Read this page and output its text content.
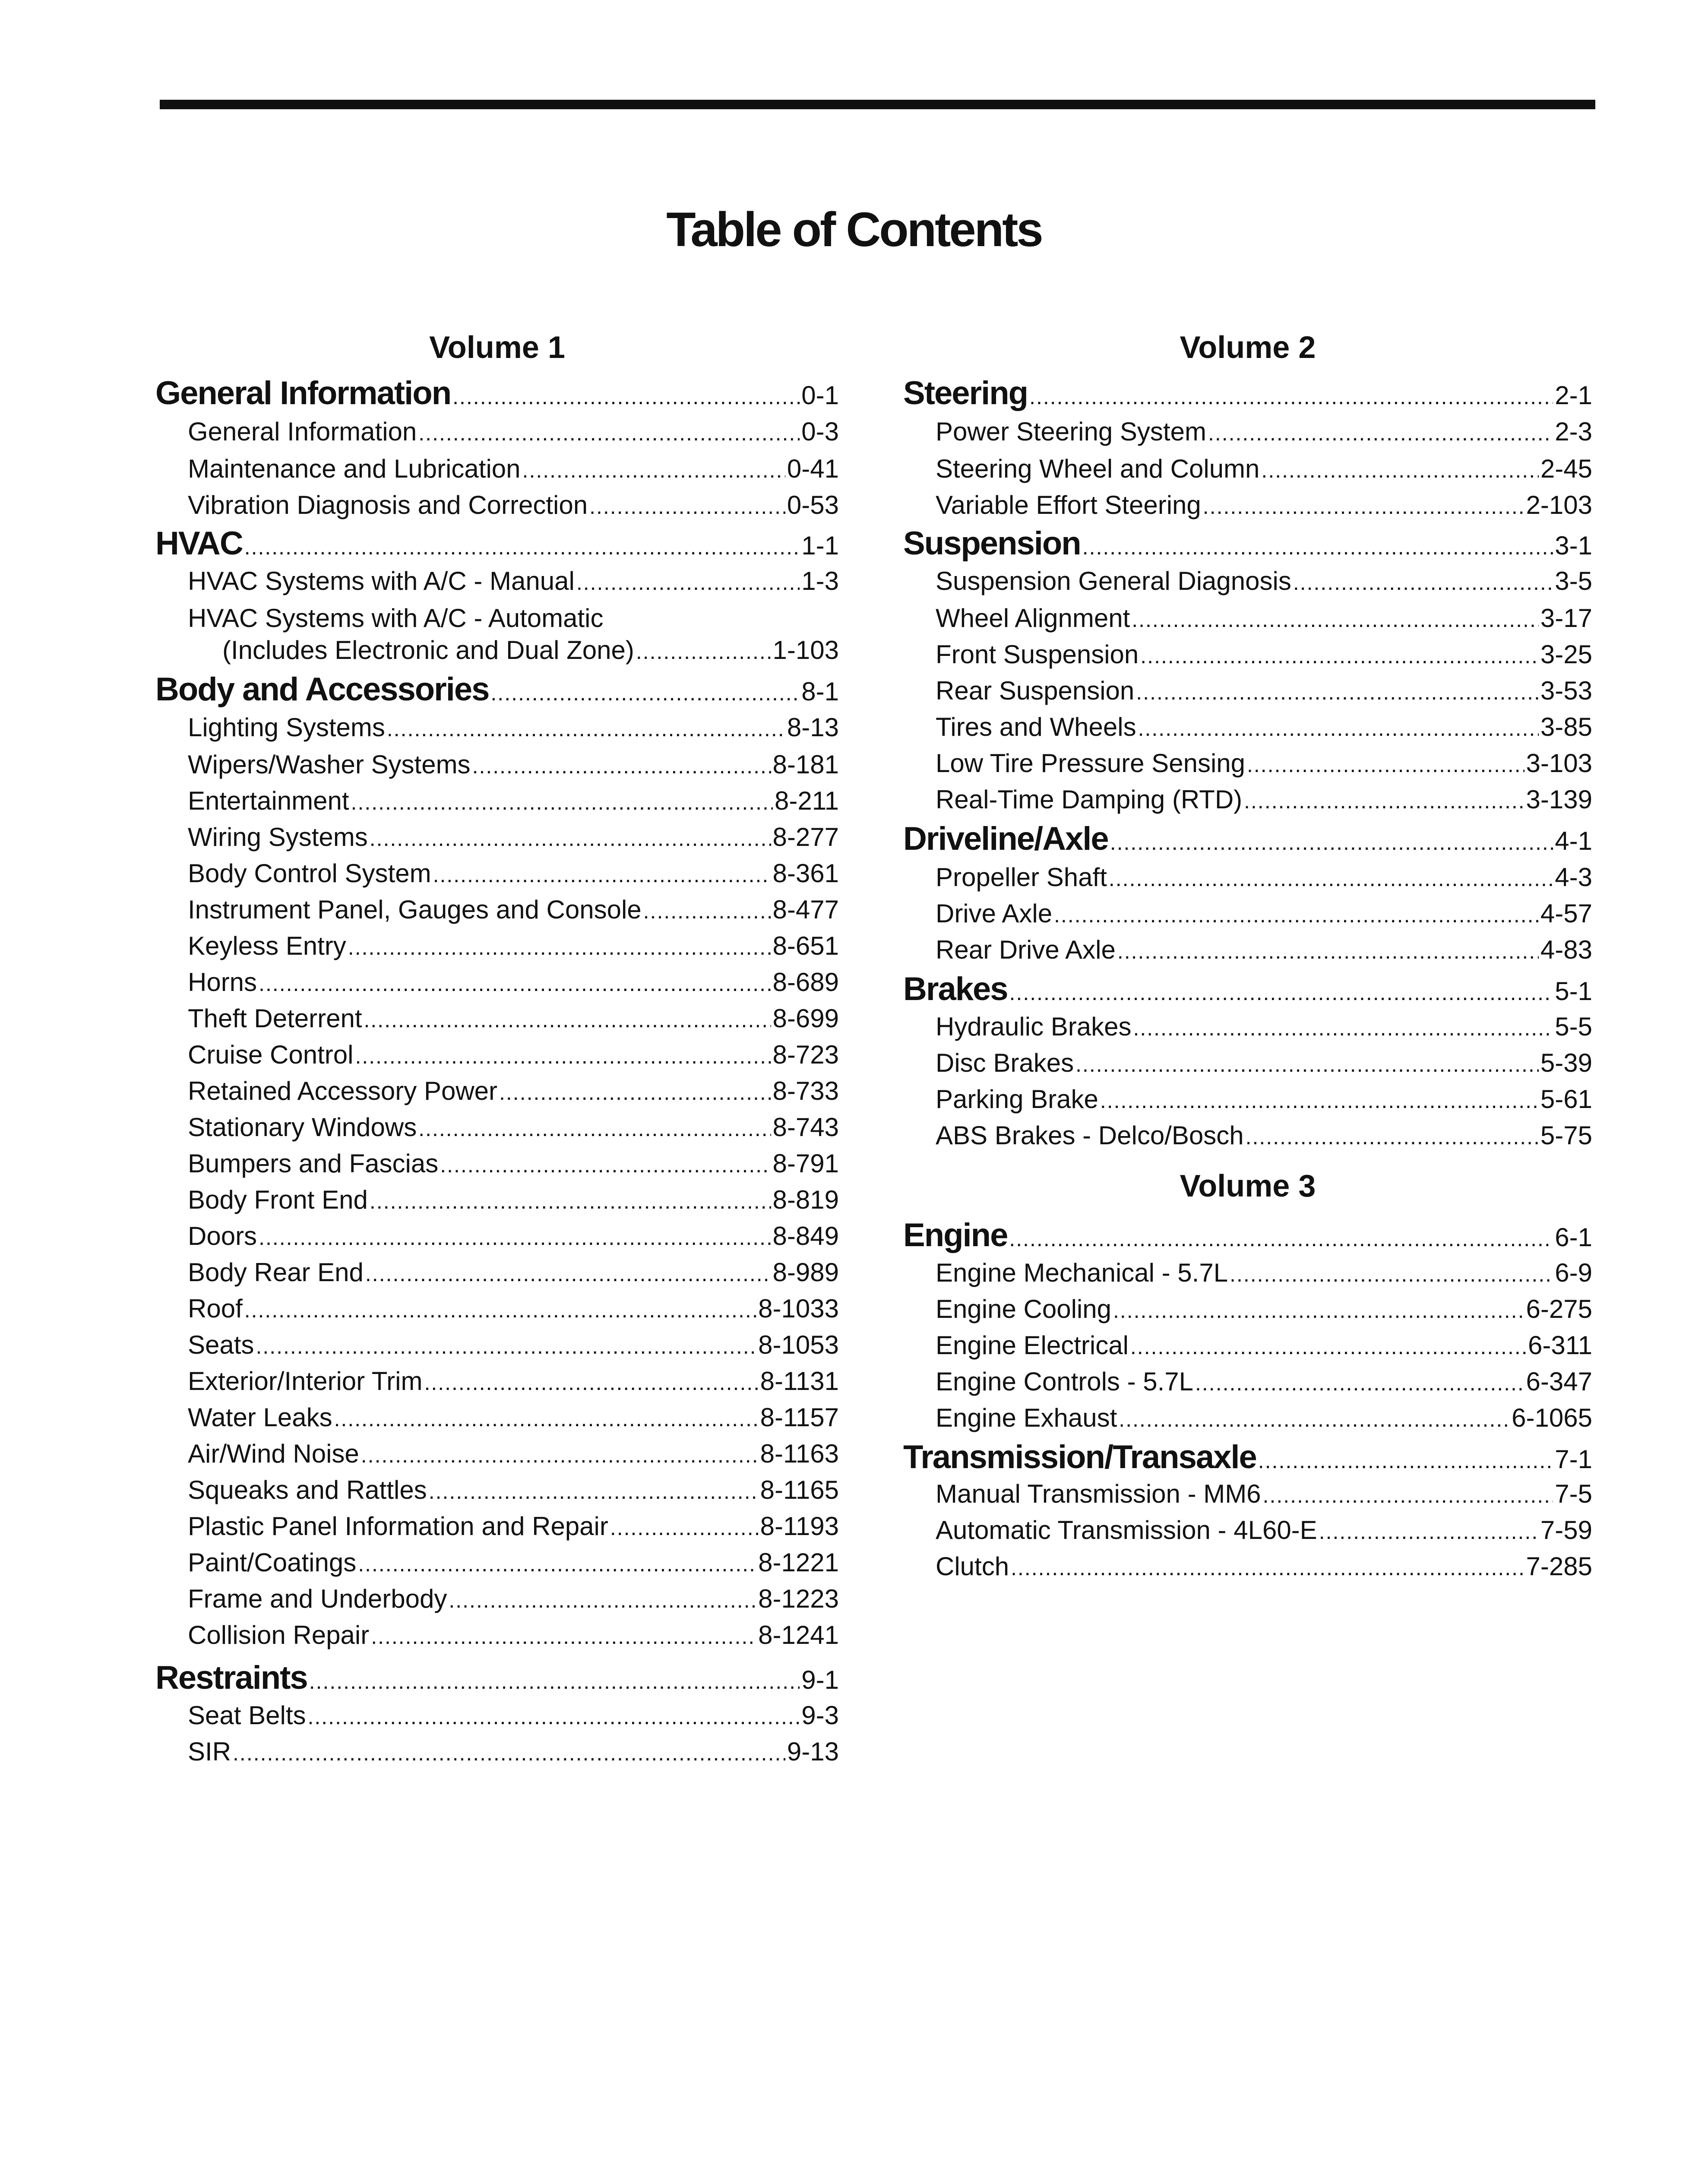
Table of Contents
Volume 1
General Information .....	0-1
General Information .....	0-3
Maintenance and Lubrication .....	0-41
Vibration Diagnosis and Correction .....	0-53
HVAC .....	1-1
HVAC Systems with A/C - Manual .....	1-3
HVAC Systems with A/C - Automatic
(Includes Electronic and Dual Zone) .....	1-103
Body and Accessories .....	8-1
Lighting Systems .....	8-13
Wipers/Washer Systems .....	8-181
Entertainment .....	8-211
Wiring Systems .....	8-277
Body Control System .....	8-361
Instrument Panel, Gauges and Console .....	8-477
Keyless Entry .....	8-651
Horns .....	8-689
Theft Deterrent .....	8-699
Cruise Control .....	8-723
Retained Accessory Power .....	8-733
Stationary Windows .....	8-743
Bumpers and Fascias .....	8-791
Body Front End .....	8-819
Doors .....	8-849
Body Rear End .....	8-989
Roof .....	8-1033
Seats .....	8-1053
Exterior/Interior Trim .....	8-1131
Water Leaks .....	8-1157
Air/Wind Noise .....	8-1163
Squeaks and Rattles .....	8-1165
Plastic Panel Information and Repair .....	8-1193
Paint/Coatings .....	8-1221
Frame and Underbody .....	8-1223
Collision Repair .....	8-1241
Restraints .....	9-1
Seat Belts .....	9-3
SIR .....	9-13
Volume 2
Steering .....	2-1
Power Steering System .....	2-3
Steering Wheel and Column .....	2-45
Variable Effort Steering .....	2-103
Suspension .....	3-1
Suspension General Diagnosis .....	3-5
Wheel Alignment .....	3-17
Front Suspension .....	3-25
Rear Suspension .....	3-53
Tires and Wheels .....	3-85
Low Tire Pressure Sensing .....	3-103
Real-Time Damping (RTD) .....	3-139
Driveline/Axle .....	4-1
Propeller Shaft .....	4-3
Drive Axle .....	4-57
Rear Drive Axle .....	4-83
Brakes .....	5-1
Hydraulic Brakes .....	5-5
Disc Brakes .....	5-39
Parking Brake .....	5-61
ABS Brakes - Delco/Bosch .....	5-75
Volume 3
Engine .....	6-1
Engine Mechanical - 5.7L .....	6-9
Engine Cooling .....	6-275
Engine Electrical .....	6-311
Engine Controls - 5.7L .....	6-347
Engine Exhaust .....	6-1065
Transmission/Transaxle .....	7-1
Manual Transmission - MM6 .....	7-5
Automatic Transmission - 4L60-E .....	7-59
Clutch .....	7-285
